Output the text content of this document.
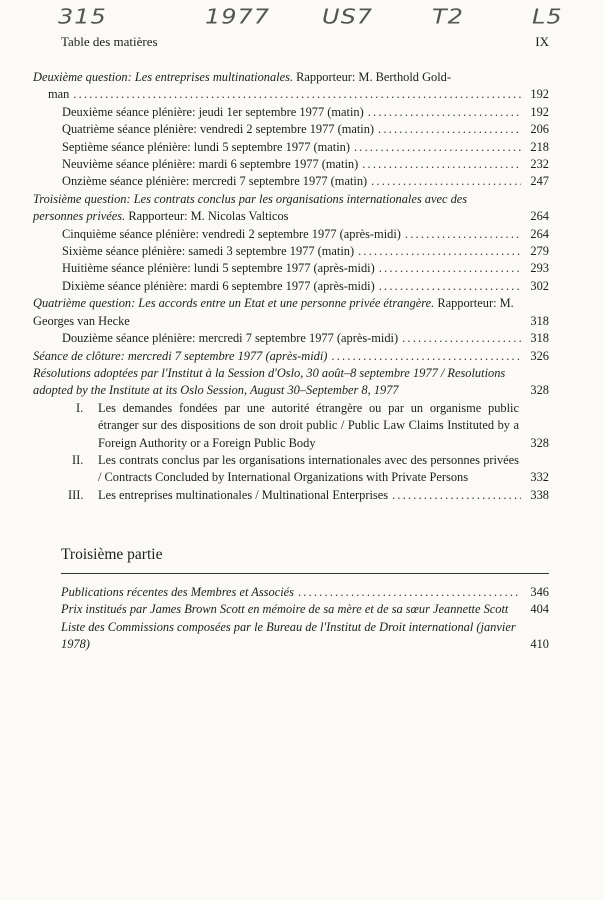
315	1977 US7 T2	L5
Table des matières	IX
Deuxième question: Les entreprises multinationales. Rapporteur: M. Berthold Gold-
man .....	192
Deuxième séance plénière: jeudi 1er septembre 1977 (matin) .....	192
Quatrième séance plénière: vendredi 2 septembre 1977 (matin) .....	206
Septième séance plénière: lundi 5 septembre 1977 (matin) .....	218
Neuvième séance plénière: mardi 6 septembre 1977 (matin) .....	232
Onzième séance plénière: mercredi 7 septembre 1977 (matin) .....	247
Troisième question: Les contrats conclus par les organisations internationales avec des personnes privées. Rapporteur: M. Nicolas Valticos	264
Cinquième séance plénière: vendredi 2 septembre 1977 (après-midi) .....	264
Sixième séance plénière: samedi 3 septembre 1977 (matin) .....	279
Huitième séance plénière: lundi 5 septembre 1977 (après-midi) .....	293
Dixième séance plénière: mardi 6 septembre 1977 (après-midi) .....	302
Quatrième question: Les accords entre un Etat et une personne privée étrangère. Rapporteur: M. Georges van Hecke	318
Douzième séance plénière: mercredi 7 septembre 1977 (après-midi) .....	318
Séance de clôture: mercredi 7 septembre 1977 (après-midi) .....	326
Résolutions adoptées par l'Institut à la Session d'Oslo, 30 août–8 septembre 1977 / Resolutions adopted by the Institute at its Oslo Session, August 30–September 8, 1977	328
I. Les demandes fondées par une autorité étrangère ou par un organisme public étranger sur des dispositions de son droit public / Public Law Claims Instituted by a Foreign Authority or a Foreign Public Body	328
II. Les contrats conclus par les organisations internationales avec des personnes privées / Contracts Concluded by International Organizations with Private Persons	332
III. Les entreprises multinationales / Multinational Enterprises .....	338
Troisième partie
Publications récentes des Membres et Associés .....	346
Prix institués par James Brown Scott en mémoire de sa mère et de sa sœur Jeannette Scott	404
Liste des Commissions composées par le Bureau de l'Institut de Droit international (janvier 1978)	410
